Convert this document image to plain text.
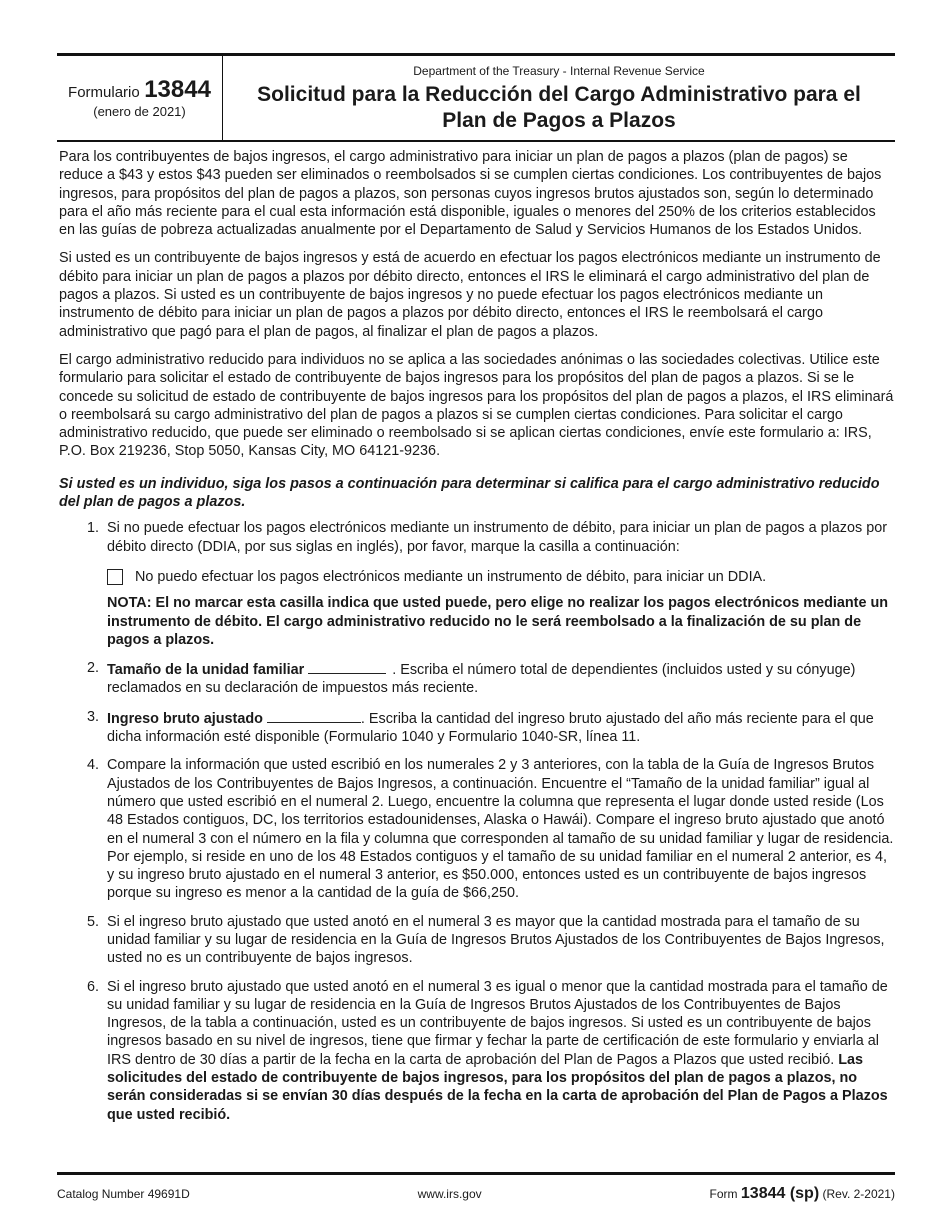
Formulario 13844
(enero de 2021)
Department of the Treasury - Internal Revenue Service
Solicitud para la Reducción del Cargo Administrativo para el
Plan de Pagos a Plazos

Para los contribuyentes de bajos ingresos, el cargo administrativo para iniciar un plan de pagos a plazos (plan de pagos) se reduce a $43 y estos $43 pueden ser eliminados o reembolsados si se cumplen ciertas condiciones. Los contribuyentes de bajos ingresos, para propósitos del plan de pagos a plazos, son personas cuyos ingresos brutos ajustados son, según lo determinado para el año más reciente para el cual esta información está disponible, iguales o menores del 250% de los criterios establecidos en las guías de pobreza actualizadas anualmente por el Departamento de Salud y Servicios Humanos de los Estados Unidos.

Si usted es un contribuyente de bajos ingresos y está de acuerdo en efectuar los pagos electrónicos mediante un instrumento de débito para iniciar un plan de pagos a plazos por débito directo, entonces el IRS le eliminará el cargo administrativo del plan de pagos a plazos. Si usted es un contribuyente de bajos ingresos y no puede efectuar los pagos electrónicos mediante un instrumento de débito para iniciar un plan de pagos a plazos por débito directo, entonces el IRS le reembolsará el cargo administrativo que pagó para el plan de pagos, al finalizar el plan de pagos a plazos.

El cargo administrativo reducido para individuos no se aplica a las sociedades anónimas o las sociedades colectivas. Utilice este formulario para solicitar el estado de contribuyente de bajos ingresos para los propósitos del plan de pagos a plazos. Si se le concede su solicitud de estado de contribuyente de bajos ingresos para los propósitos del plan de pagos a plazos, el IRS eliminará o reembolsará su cargo administrativo del plan de pagos a plazos si se cumplen ciertas condiciones. Para solicitar el cargo administrativo reducido, que puede ser eliminado o reembolsado si se aplican ciertas condiciones, envíe este formulario a: IRS, P.O. Box 219236, Stop 5050, Kansas City, MO 64121-9236.

Si usted es un individuo, siga los pasos a continuación para determinar si califica para el cargo administrativo reducido del plan de pagos a plazos.

1. Si no puede efectuar los pagos electrónicos mediante un instrumento de débito, para iniciar un plan de pagos a plazos por débito directo (DDIA, por sus siglas en inglés), por favor, marque la casilla a continuación:
No puedo efectuar los pagos electrónicos mediante un instrumento de débito, para iniciar un DDIA.
NOTA: El no marcar esta casilla indica que usted puede, pero elige no realizar los pagos electrónicos mediante un instrumento de débito. El cargo administrativo reducido no le será reembolsado a la finalización de su plan de pagos a plazos.
2. Tamaño de la unidad familiar	. Escriba el número total de dependientes (incluidos usted y su cónyuge) reclamados en su declaración de impuestos más reciente.
3. Ingreso bruto ajustado	. Escriba la cantidad del ingreso bruto ajustado del año más reciente para el que dicha información esté disponible (Formulario 1040 y Formulario 1040-SR, línea 11.
4. Compare la información que usted escribió en los numerales 2 y 3 anteriores, con la tabla de la Guía de Ingresos Brutos Ajustados de los Contribuyentes de Bajos Ingresos, a continuación. Encuentre el “Tamaño de la unidad familiar” igual al número que usted escribió en el numeral 2. Luego, encuentre la columna que representa el lugar donde usted reside (Los 48 Estados contiguos, DC, los territorios estadounidenses, Alaska o Hawái). Compare el ingreso bruto ajustado que anotó en el numeral 3 con el número en la fila y columna que corresponden al tamaño de su unidad familiar y lugar de residencia. Por ejemplo, si reside en uno de los 48 Estados contiguos y el tamaño de su unidad familiar en el numeral 2 anterior, es 4, y su ingreso bruto ajustado en el numeral 3 anterior, es $50.000, entonces usted es un contribuyente de bajos ingresos porque su ingreso es menor a la cantidad de la guía de $66,250.
5. Si el ingreso bruto ajustado que usted anotó en el numeral 3 es mayor que la cantidad mostrada para el tamaño de su unidad familiar y su lugar de residencia en la Guía de Ingresos Brutos Ajustados de los Contribuyentes de Bajos Ingresos, usted no es un contribuyente de bajos ingresos.
6. Si el ingreso bruto ajustado que usted anotó en el numeral 3 es igual o menor que la cantidad mostrada para el tamaño de su unidad familiar y su lugar de residencia en la Guía de Ingresos Brutos Ajustados de los Contribuyentes de Bajos Ingresos, de la tabla a continuación, usted es un contribuyente de bajos ingresos. Si usted es un contribuyente de bajos ingresos basado en su nivel de ingresos, tiene que firmar y fechar la parte de certificación de este formulario y enviarla al IRS dentro de 30 días a partir de la fecha en la carta de aprobación del Plan de Pagos a Plazos que usted recibió. Las solicitudes del estado de contribuyente de bajos ingresos, para los propósitos del plan de pagos a plazos, no serán consideradas si se envían 30 días después de la fecha en la carta de aprobación del Plan de Pagos a Plazos que usted recibió.
Catalog Number 49691D	www.irs.gov	Form 13844 (sp) (Rev. 2-2021)
